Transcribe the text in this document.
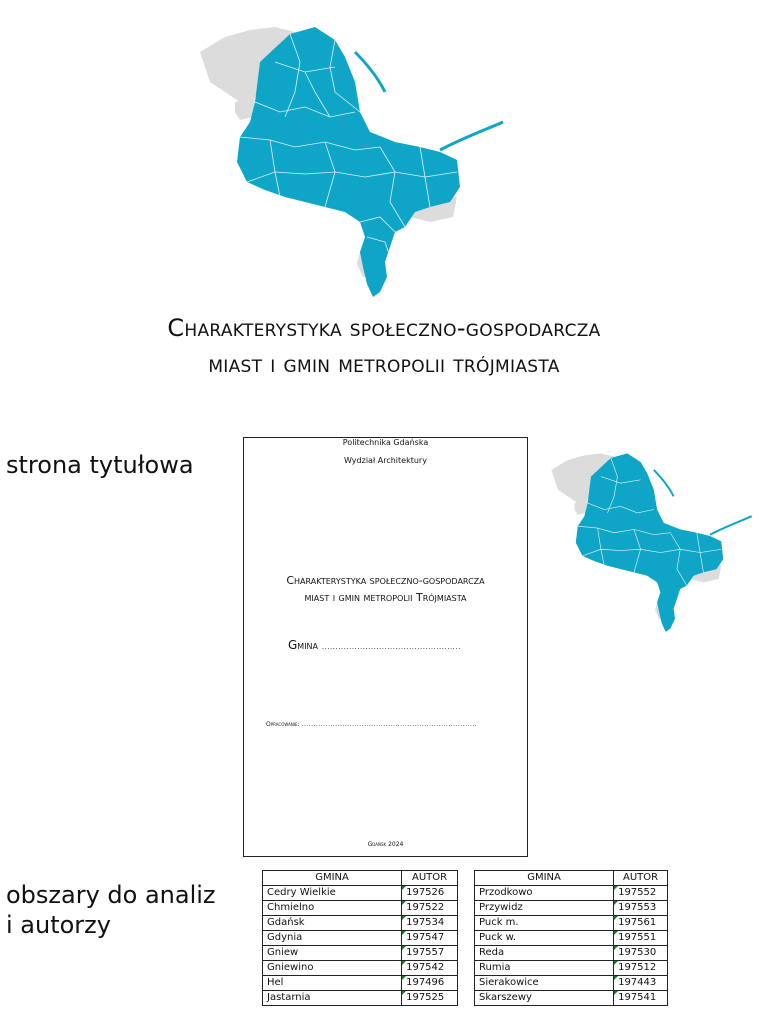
Charakterystyka społeczno-gospodarcza
miast i gmin metropolii trójmiasta
strona tytułowa
Politechnika Gdańska
Wydział Architektury
Charakterystyka społeczno-gospodarcza
miast i gmin metropolii Trójmiasta
Gmina ...................................................
Opracowanie: .........................................................................
Gdańsk 2024
obszary do analiz
i autorzy
GMINA	AUTOR
Cedry Wielkie	197526
Chmielno	197522
Gdańsk	197534
Gdynia	197547
Gniew	197557
Gniewino	197542
Hel	197496
Jastarnia	197525
GMINA	AUTOR
Przodkowo	197552
Przywidz	197553
Puck m.	197561
Puck w.	197551
Reda	197530
Rumia	197512
Sierakowice	197443
Skarszewy	197541
